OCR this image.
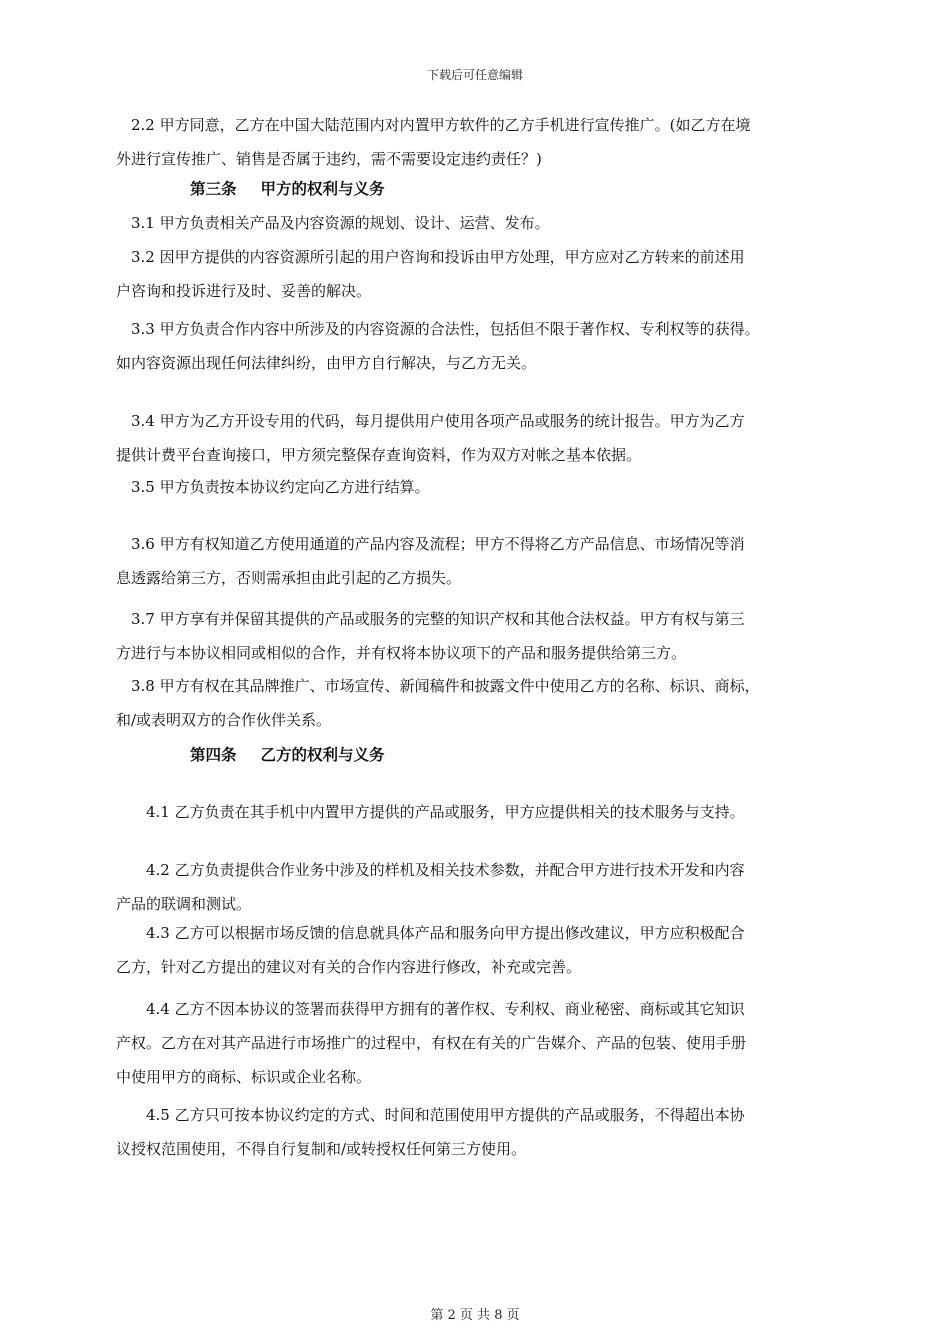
下载后可任意编辑

　2.2 甲方同意，乙方在中国大陆范围内对内置甲方软件的乙方手机进行宣传推广。(如乙方在境
外进行宣传推广、销售是否属于违约，需不需要设定违约责任？)

第三条 甲方的权利与义务

　3.1 甲方负责相关产品及内容资源的规划、设计、运营、发布。

　3.2 因甲方提供的内容资源所引起的用户咨询和投诉由甲方处理，甲方应对乙方转来的前述用
户咨询和投诉进行及时、妥善的解决。

　3.3 甲方负责合作内容中所涉及的内容资源的合法性，包括但不限于著作权、专利权等的获得。
如内容资源出现任何法律纠纷，由甲方自行解决，与乙方无关。

　3.4 甲方为乙方开设专用的代码，每月提供用户使用各项产品或服务的统计报告。甲方为乙方
提供计费平台查询接口，甲方须完整保存查询资料，作为双方对帐之基本依据。

　3.5 甲方负责按本协议约定向乙方进行结算。

　3.6 甲方有权知道乙方使用通道的产品内容及流程；甲方不得将乙方产品信息、市场情况等消
息透露给第三方，否则需承担由此引起的乙方损失。

　3.7 甲方享有并保留其提供的产品或服务的完整的知识产权和其他合法权益。甲方有权与第三
方进行与本协议相同或相似的合作，并有权将本协议项下的产品和服务提供给第三方。

　3.8 甲方有权在其品牌推广、市场宣传、新闻稿件和披露文件中使用乙方的名称、标识、商标，
和/或表明双方的合作伙伴关系。

第四条 乙方的权利与义务

　　4.1 乙方负责在其手机中内置甲方提供的产品或服务，甲方应提供相关的技术服务与支持。

　　4.2 乙方负责提供合作业务中涉及的样机及相关技术参数，并配合甲方进行技术开发和内容
产品的联调和测试。

　　4.3 乙方可以根据市场反馈的信息就具体产品和服务向甲方提出修改建议，甲方应积极配合
乙方，针对乙方提出的建议对有关的合作内容进行修改，补充或完善。

　　4.4 乙方不因本协议的签署而获得甲方拥有的著作权、专利权、商业秘密、商标或其它知识
产权。乙方在对其产品进行市场推广的过程中，有权在有关的广告媒介、产品的包装、使用手册
中使用甲方的商标、标识或企业名称。

　　4.5 乙方只可按本协议约定的方式、时间和范围使用甲方提供的产品或服务，不得超出本协
议授权范围使用，不得自行复制和/或转授权任何第三方使用。

第 2 页 共 8 页
